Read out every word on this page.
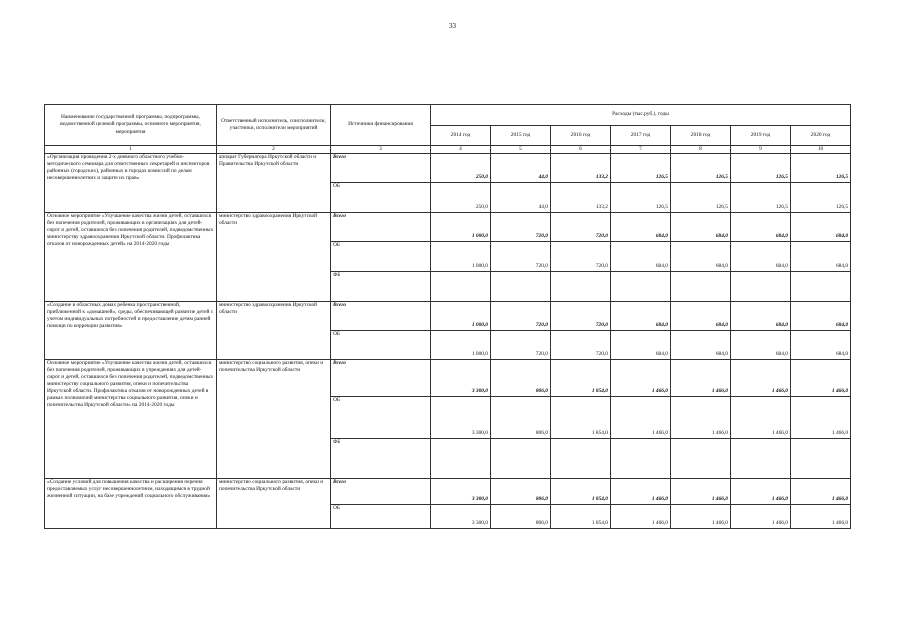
33
Наименование государственной программы, подпрограммы, ведомственной целевой программы, основного мероприятия, мероприятия	Ответственный исполнитель, соисполнители, участники, исполнители мероприятий	Источники финансирования	Расходы (тыс.руб.), годы						
			2014 год	2015 год	2016 год	2017 год	2018 год	2019 год	2020 год
1	2	3	4	5	6	7	8	9	10
«Организация проведения 2-х дневного областного учебно-методического семинара для ответственных секретарей и инспекторов районных (городских), районных в городах комиссий по делам несовершеннолетних и защите их прав»	аппарат Губернатора Иркутской области и Правительства Иркутской области	Всего	250,0	44,0	133,2	126,5	126,5	126,5	126,5
		ОБ	250,0	44,0	133,2	126,5	126,5	126,5	126,5
Основное мероприятие «Улучшение качества жизни детей, оставшихся без попечения родителей, проживающих в организациях для детей-сирот и детей, оставшихся без попечения родителей, подведомственных министерству здравоохранения Иркутской области. Профилактика отказов от новорожденных детей» на 2014-2020 годы	министерство здравоохранения Иркутской области	Всего	1 000,0	720,0	720,0	684,0	684,0	684,0	684,0
		ОБ	1 000,0	720,0	720,0	684,0	684,0	684,0	684,0
		ФБ							
«Создание в областных домах ребенка пространственной, приближенной к «домашней», среды, обеспечивающей развитие детей с учетом индивидуальных потребностей и предоставление детям ранней помощи по коррекции развития»	министерство здравоохранения Иркутской области	Всего	1 000,0	720,0	720,0	684,0	684,0	684,0	684,0
		ОБ	1 000,0	720,0	720,0	684,0	684,0	684,0	684,0
Основное мероприятие «Улучшение качества жизни детей, оставшихся без попечения родителей, проживающих в учреждениях для детей-сирот и детей, оставшихся без попечения родителей, подведомственных министерству социального развития, опеки и попечительства Иркутской области. Профилактика отказов от новорожденных детей в рамках полномочий министерства социального развития, опеки и попечительства Иркутской области» на 2014-2020 годы	министерство социального развития, опеки и попечительства Иркутской области	Всего	3 300,0	806,0	1 854,0	1 466,0	1 466,0	1 466,0	1 466,0
		ОБ	3 300,0	806,0	1 854,0	1 466,0	1 466,0	1 466,0	1 466,0
		ФБ							
«Создание условий для повышения качества и расширения перечня предоставляемых услуг несовершеннолетним, находящимся в трудной жизненной ситуации, на базе учреждений социального обслуживания»	министерство социального развития, опеки и попечительства Иркутской области	Всего	3 300,0	806,0	1 854,0	1 466,0	1 466,0	1 466,0	1 466,0
		ОБ	3 300,0	806,0	1 854,0	1 466,0	1 466,0	1 466,0	1 466,0
